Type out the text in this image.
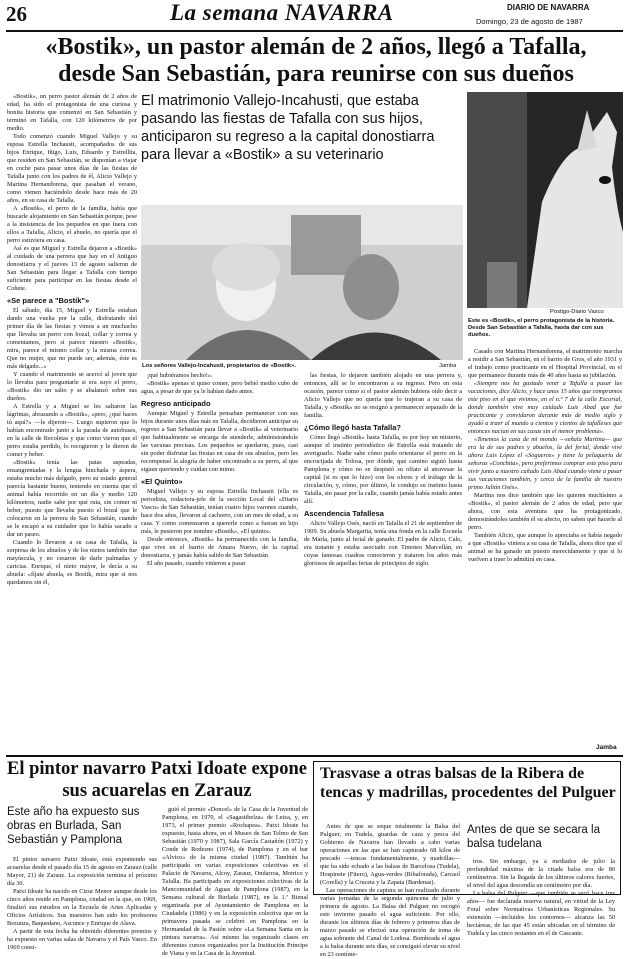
26	La semana NAVARRA	DIARIO DE NAVARRA
Domingo, 23 de agosto de 1987
«Bostik», un pastor alemán de 2 años, llegó a Tafalla, desde San Sebastián, para reunirse con sus dueños

«Bostik», un perro pastor alemán de 2 años de edad, ha sido el protagonista de una curiosa y bonita historia que comenzó en San Sebastián y terminó en Tafalla, con 120 kilómetros de por medio.

Todo comenzó cuando Miguel Vallejo y su esposa Estrella Inchausti, acompañados de sus hijos Enrique, Iñigo, Luis, Eduardo y Estrellita, que residen en San Sebastián, se disponían a viajar en coche para pasar unos días de las fiestas de Tafalla junto con los padres de él, Alicio Vallejo y Martina Hernandorena, que pasaban el verano, como vienen haciéndolo desde hace más de 20 años, en su casa de Tafalla.

A «Bostik», el perro de la familia, había que buscarle alojamiento en San Sebastián porque, pese a la insistencia de los pequeños en que fuera con ellos a Tafalla, Alicio, el abuelo, no quería que el perro estuviera en casa.

Así es que Miguel y Estrella dejaron a «Bostik» al cuidado de una perrera que hay en el Antiguo donostiarra y el jueves 13 de agosto salieron de San Sebastián para llegar a Tafalla con tiempo suficiente para participar en las fiestas desde el Cohete.

«Se parece a "Bostik"»

El sábado, día 15, Miguel y Estrella estaban dando una vuelta por la calle, disfrutando del primer día de las fiestas y vimos a un muchacho que llevaba un perro con bozal, collar y correa y comentamos, pero si parece nuestro «Bostik», mira, parece el mismo collar y la misma correa. Que no mujer, que no puede ser, además, éste es más delgado...»

Y cuando el matrimonio se acercó al joven que lo llevaba para preguntarle si era suyo el perro, «Bostik» dio un salto y se abalanzó sobre sus dueños.

A Estrella y a Miguel se les saltaron las lágrimas, abrazando a «Bostik», «pero, ¿qué haces tú aquí?» —le dijeron—. Luego supieron que lo habían encontrado junto a la parada de autobuses, en la calle de Recoletas y que como vieron que el perro estaba perdido, lo recogieron y le dieron de comer y beber.

«Bostik» tenía las patas aspeadas, ensangrentadas y la lengua hinchada y áspera, estaba mucho más delgado, pero su estado general parecía bastante bueno, teniendo en cuenta que el animal había recorrido en un día y medio 120 kilómetros, nadie sabe por qué ruta, sin comer ni beber, puesto que llevaba puesto el bozal que le colocaron en la perrera de San Sebastián, cuando se le escapó a su cuidador que lo había sacado a dar un paseo.

Cuando lo llevaron a su casa de Tafalla, la sorpresa de los abuelos y de los nietos también fue mayúscula, y no cesaron de darle palmadas y caricias. Enrique, el nieto mayor, le decía a su abuela: «fíjate abuela, es Bostik, mira que si nos quedamos sin él,

El matrimonio Vallejo-Incahusti, que estaba pasando las fiestas de Tafalla con sus hijos, anticiparon su regreso a la capital donostiarra para llevar a «Bostik» a su veterinario
Los señores Vallejo-Incahusti, propietarios de «Bostik».	Jamba

¡qué hubiéramos hecho!».

«Bostik» apenas si quiso comer, pero bebió medio cubo de agua, a pesar de que ya le habían dado antes.

Regreso anticipado

Aunque Miguel y Estrella pensaban permanecer con sus hijos durante unos días más en Tafalla, decidieron anticipar su regreso a San Sebastián para llevar a «Bostik» al veterinario que habitualmente se encarga de atenderle, administrándole las vacunas precisas. Los pequeños se quedaron, pues, casi sin poder disfrutar las fiestas en casa de sus abuelos, pero les recompensó la alegría de haber encontrado a su perro, al que siguen queriendo y cuidan con mimo.

«El Quinto»

Miguel Vallejo y su esposa Estrella Inchausti (ella es periodista, redactora-jefe de la sección Local del «Diario Vasco» de San Sebastián, tenían cuatro hijos varones cuando, hace dos años, llevaron al cachorro, con un mes de edad, a su casa. Y como comenzaron a quererle como a fueran un hijo más, le pusieron por nombre «Bostik», «El quinto».

Desde entonces, «Bostik» ha permanecido con la familia, que vive en el barrio de Amara Nuevo, de la capital donostiarra, y jamás había salido de San Sebastián.

El año pasado, cuando vinieron a pasar

las fiestas, lo dejaron también alojado en una perrera y, entonces, allí se lo encontraron a su regreso. Pero en esta ocasión, parece como si el pastor alemán hubiera oído decir a Alicio Vallejo que no quería que lo trajeran a su casa de Tafalla, y «Bostik» no se resignó a permanecer separado de la familia.

¿Cómo llegó hasta Tafalla?

Cómo llegó «Bostik» hasta Tafalla, es por hoy un misterio, aunque el instinto periodístico de Estrella está tratando de averiguarlo. Nadie sabe cómo pudo orientarse el perro en la encrucijada de Tolosa, por dónde, qué camino siguió hasta Pamplona y cómo no se despistó su olfato al atravesar la capital (si es que lo hizo) con los olores y el tráfago de la circulación, y, cómo, por último, le condujo su instinto hasta Tafalla, sin pasar por la calle, cuando jamás había estado antes allí.

Ascendencia Tafallesa

Alicio Vallejo Osés, nació en Tafalla el 21 de septiembre de 1909. Su abuela Margarita, tenía una fonda en la calle Escuela de María, junto al ferial de ganado. El padre de Alicio, Calo, era tratante y estaba asociado con Timoteo Marcellán, en cuyas famosas cuadras conocieron y trataron los años más gloriosos de aquellas ferias de principios de siglo.

Postigo-Diario Vasco
Este es «Bostik», el perro protagonista de la historia. Desde San Sebastián a Tafalla, hasta dar con sus dueños.

Casado con Martina Hernandorena, el matrimonio marcha a residir a San Sebastián, en el barrio de Gros, el año 1931 y el trabajo como practicante en el Hospital Provincial, en el que permanece durante más de 40 años hasta su jubilación.

«Siempre nos ha gustado venir a Tafalla a pasar las vacaciones, dice Alicio, y hace unos 15 años que compramos este piso en el que vivimos, en el n.º 7 de la calle Escorial, donde también vive muy cuidado Luis Abad que fue practicante y convidaron durante más de medio siglo y ayudó a traer al mundo a cientos y cientos de tafalleses que entonces nacían en sus casas sin el menor problema».

«Tenemos la casa de mi mondo —señala Martina— que era la de sus padres y abuelos, la del ferial, donde vive ahora Luis López el «Sogueros» y tiene la peluquería de señoras «Conchita», pero preferimos comprar este piso para vivir junto a nuestro cuñado Luis Abad cuando viene a pasar sus vacaciones también, y cerca de la familia de nuestro primo Julián Osés».

Martina nos dice también que les quieren muchísimo a «Bostik», el pastor alemán de 2 años de edad, pero que ahora, con esta aventura que ha protagonizado, demostrándoles también él su afecto, no saben qué hacerle al perro.

También Alicio, que aunque lo apreciaba se había negado a que «Bostik» viniera a su casa de Tafalla, ahora dice que el animal se ha ganado un puesto merecidamente y que si lo vuelven a traer lo admitirá en casa.

Jamba
El pintor navarro Patxi Idoate expone sus acuarelas en Zarauz
Este año ha expuesto sus obras en Burlada, San Sebastián y Pamplona

El pintor navarro Patxi Idoate, está exponiendo sus acuarelas desde el pasado día 15 de agosto en Zarauz (calle Mayor, 21) de Zarauz. La exposición termina el próximo día 30.

Patxi Idoate ha nacido en Cizur Menor aunque desde los cinco años reside en Pamplona, ciudad en la que, en 1969, finalizó sus estudios en la Escuela de Artes Aplicadas y Oficios Artísticos. Sus maestros han sido los profesores Bezunza, Baquedano, Ascunce y Enrique de Alava.

A partir de esta fecha ha obtenido diferentes premios y ha expuesto en varias salas de Navarra y el País Vasco. En 1969 consi-

guió el premio «Doncel» de la Casa de la Juventud de Pamplona, en 1970, el «Sagastibelza» de Leiza, y, en 1973, el primer premio «Rochapea». Patxi Idoate ha expuesto, hasta ahora, en el Museo de San Telmo de San Sebastián (1970 y 1987), Sala García Castañón (1972) y Conde de Rodezno (1974), de Pamplona y en el bar «Alvico» de la misma ciudad (1987). También ha participado en varias exposiciones colectivas en el Palacio de Navarra, Alcoy, Zarauz, Ondarroa, Motrico y Tafalla. Ha participado en exposiciones colectivas de la Mancomunidad de Aguas de Pamplona (1987), en la Semana cultural de Burlada (1987), en la 1.ª Bienal organizada por el Ayuntamiento de Pamplona en la Ciudadela (1986) y en la exposición colectiva que en la primavera pasada se celebró en Pamplona en la Hermandad de la Pasión sobre «La Semana Santa en la pintura navarra». Así mismo ha organizado clases en diferentes cursos organizados por la Institución Príncipe de Viana y en la Casa de la Juventud.

Trasvase a otras balsas de la Ribera de tencas y madrillas, procedentes del Pulguer

Antes de que se seque totalmente la Balsa del Pulguer, en Tudela, guardas de caza y pesca del Gobierno de Navarra han llevado a cabo varias operaciones en las que se han capturado 68 kilos de pescado —tencas fundamentalmente, y madrillas— que ha sido echado a las balsas de Barcelosa (Tudela), Hospinete (Fitero), Agua-verdes (Ribaforada), Carcaol (Corella) y la Cruceta y la Zapata (Bardenas).

Las operaciones de captura se han realizado durante varias jornadas de la segunda quincena de julio y primera de agosto. La Balsa del Pulguer no recogió este invierno pasado el agua suficiente. Por ello, durante los últimos días de febrero y primeros días de marzo pasado se efectuó una operación de toma de agua sobrante del Canal de Lodosa. Bombeada el agua a la balsa durante seis días, se consiguió elevar su nivel en 23 centíme-

Antes de que se secara la balsa tudelana

tros. Sin embargo, ya a mediados de julio la profundidad máxima de la citada balsa era de 80 centímetros. Sin la llegada de los últimos calores fuertes, el nivel del agua descendía un centímetro por día.

La balsa del Pulguer —que también se secó hace tres años— fue declarada reserva natural, en virtud de la Ley Foral sobre Normativas Urbanísticas Regionales. Su extensión —incluidos los contornos— alcanza las 50 hectáreas, de las que 45 están ubicadas en el término de Tudela y las cinco restantes en el de Cascante.
